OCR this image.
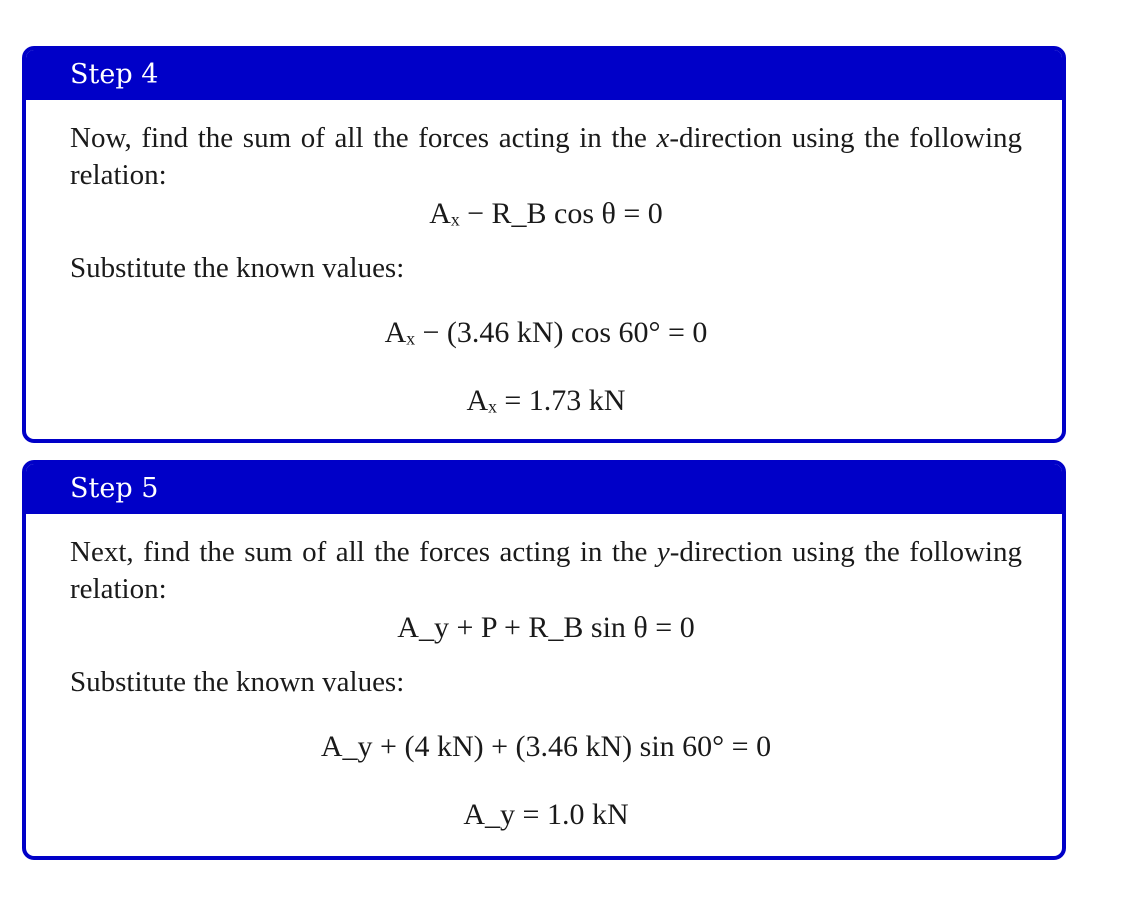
Step 4
Now, find the sum of all the forces acting in the x-direction using the following relation:
Aₓ − R_B cos θ = 0
Substitute the known values:
Aₓ − (3.46 kN) cos 60° = 0
Aₓ = 1.73 kN
Step 5
Next, find the sum of all the forces acting in the y-direction using the following relation:
A_y + P + R_B sin θ = 0
Substitute the known values:
A_y + (4 kN) + (3.46 kN) sin 60° = 0
A_y = 1.0 kN
